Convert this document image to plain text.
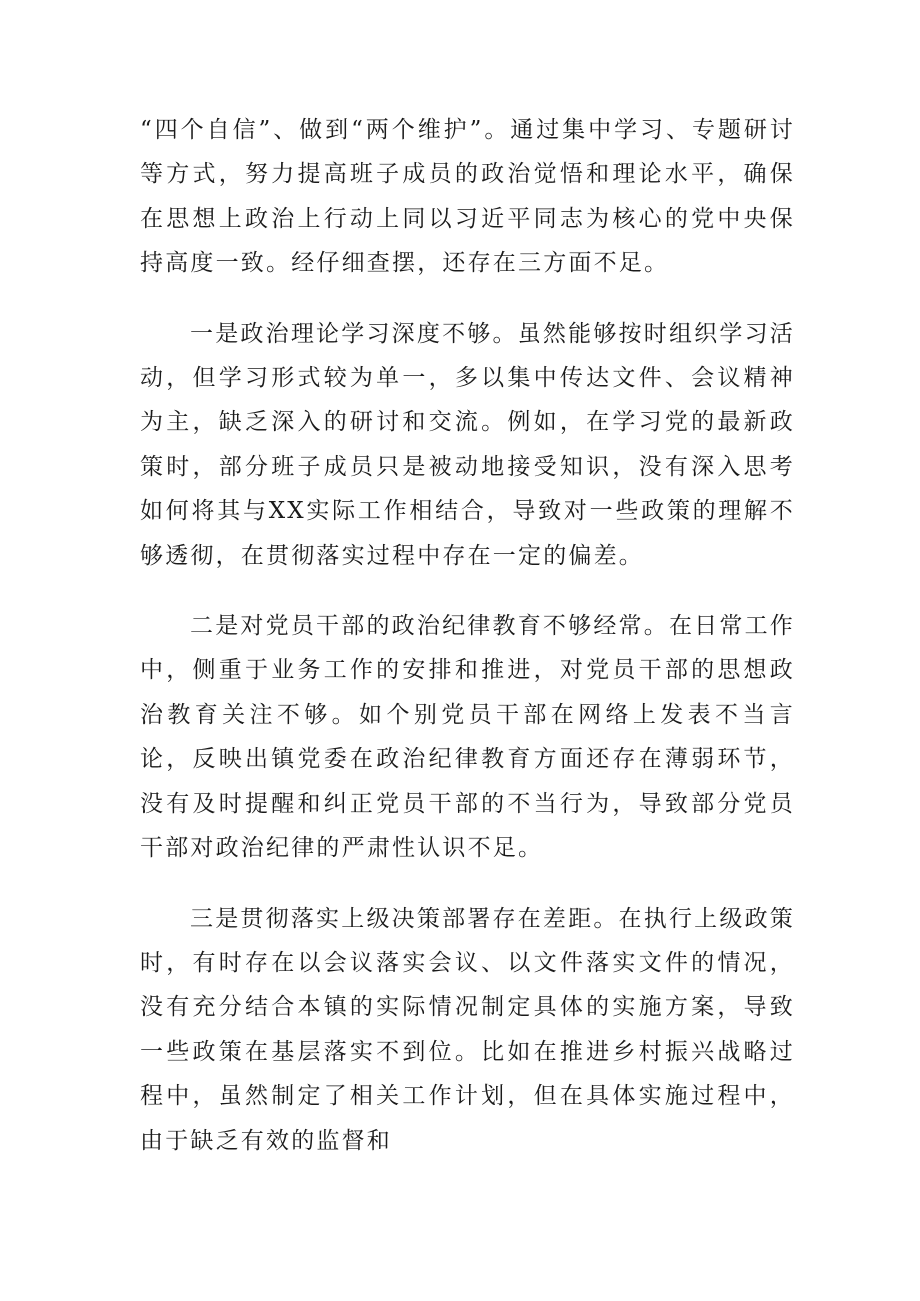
“四个自信”、做到“两个维护”。通过集中学习、专题研讨等方式，努力提高班子成员的政治觉悟和理论水平，确保在思想上政治上行动上同以习近平同志为核心的党中央保持高度一致。经仔细查摆，还存在三方面不足。

一是政治理论学习深度不够。虽然能够按时组织学习活动，但学习形式较为单一，多以集中传达文件、会议精神为主，缺乏深入的研讨和交流。例如，在学习党的最新政策时，部分班子成员只是被动地接受知识，没有深入思考如何将其与XX实际工作相结合，导致对一些政策的理解不够透彻，在贯彻落实过程中存在一定的偏差。

二是对党员干部的政治纪律教育不够经常。在日常工作中，侧重于业务工作的安排和推进，对党员干部的思想政治教育关注不够。如个别党员干部在网络上发表不当言论，反映出镇党委在政治纪律教育方面还存在薄弱环节，没有及时提醒和纠正党员干部的不当行为，导致部分党员干部对政治纪律的严肃性认识不足。

三是贯彻落实上级决策部署存在差距。在执行上级政策时，有时存在以会议落实会议、以文件落实文件的情况，没有充分结合本镇的实际情况制定具体的实施方案，导致一些政策在基层落实不到位。比如在推进乡村振兴战略过程中，虽然制定了相关工作计划，但在具体实施过程中，由于缺乏有效的监督和
